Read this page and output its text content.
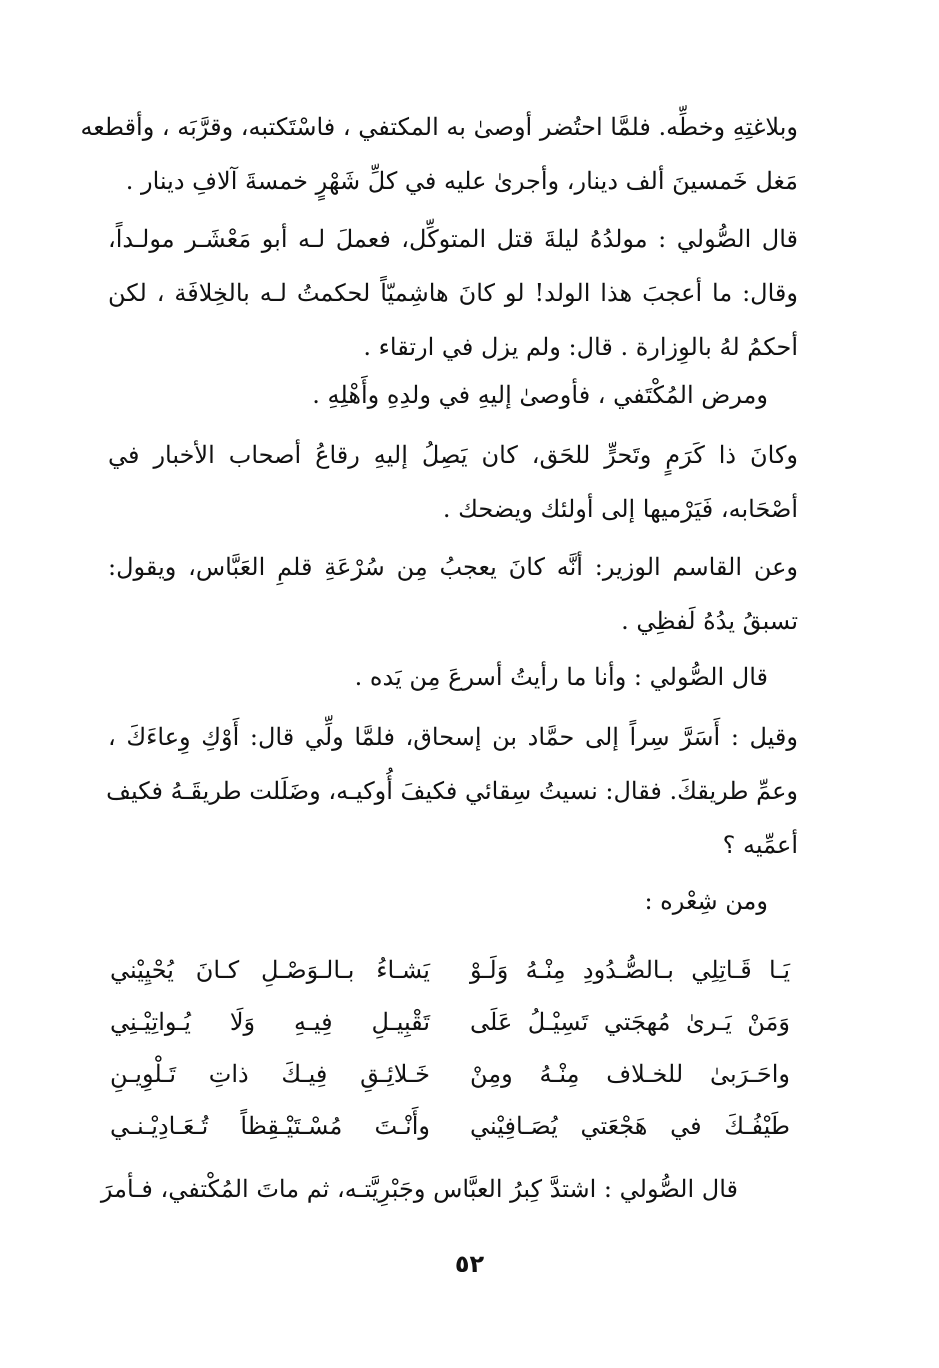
وبلاغتِهِ وخطِّه. فلمَّا احتُضر أوصىٰ به المكتفي ، فاسْتَكتبه، وقرَّبَه ، وأقطعه
مَغل خَمسينَ ألف دينار، وأجرىٰ عليه في كلِّ شَهْرٍ خمسةَ آلافِ دينار .
قال الصُّولي : مولدُهُ ليلةَ قتل المتوكِّل، فعملَ لـه أبو مَعْشَـر مولـداً،
وقال: ما أعجبَ هذا الولد! لو كانَ هاشِميّاً لحكمتُ لـه بالخِلافَة ، لكن
أحكمُ لهُ بالوِزارة . قال: ولم يزل في ارتقاء .
ومرض المُكْتَفي ، فأوصىٰ إليهِ في ولدِهِ وأَهْلِهِ .
وكانَ ذا كَرَمٍ وتَحرٍّ للحَق، كان يَصِلُ إليهِ رقاعُ أصحاب الأخبار في
أصْحَابه، فَيَرْميها إلى أولئك ويضحك .
وعن القاسم الوزير: أنَّه كانَ يعجبُ مِن سُرْعَةِ قلمِ العَبَّاس، ويقول:
تسبقُ يدُهُ لَفظِي .
قال الصُّولي : وأنا ما رأيتُ أسرعَ مِن يَده .
وقيل : أَسَرَّ سِراً إلى حمَّاد بن إسحاق، فلمَّا ولِّي قال: أَوْكِ وِعاءَكَ ،
وعمِّ طريقكَ. فقال: نسيتُ سِقائي فكيفَ أُوكيـه، وضَلَلت طريقَـهُ فكيف
أعمِّيه ؟
ومن شِعْره :
يَـا قَـاتِلِي بـالصُّـدُودِ مِنْـهُ وَلَـوْ
يَشـاءُ بـالـوَصْـلِ كـانَ يُحْيِيْني
وَمَنْ يَـرىٰ مُهجَتي تَسِيْـلُ عَلَى
تَقْبِيـلِ فِيـهِ وَلَا يُـواتِيْـنِي
واحَـرَبىٰ للخـلاف مِنْـهُ ومِنْ
خَـلائِـقِ فِيـكَ ذاتِ تَـلْوِيـنِ
طَيْفُـكَ في هَجْعَتي يُصَـافِيْني
وأَنْـتَ مُسْـتَيْـقِظاً تُـعَـادِيْـنـي
قال الصُّولي : اشتدَّ كِبرُ العبَّاس وجَبْرِيَّتـه، ثم ماتَ المُكْتفي، فـأمرَ
٥٢
